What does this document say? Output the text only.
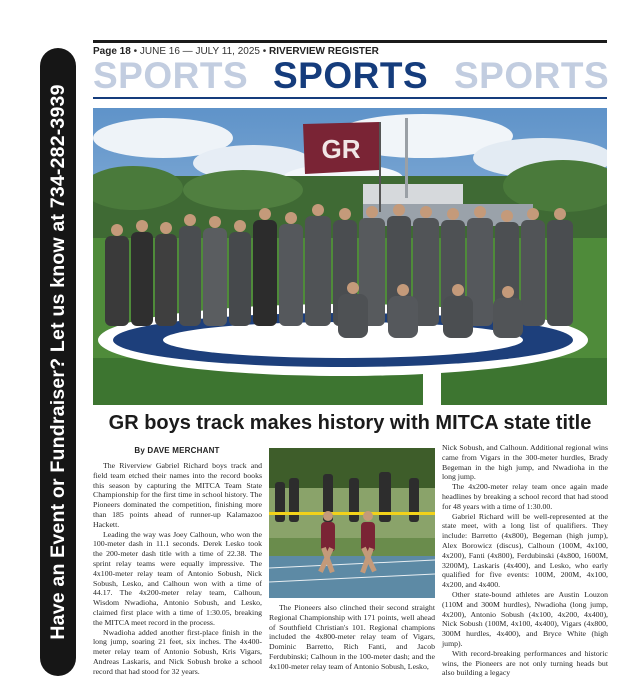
Have an Event or Fundraiser? Let us know at 734-282-3939
Page 18 • JUNE 16 — JULY 11, 2025 • RIVERVIEW REGISTER
SPORTS SPORTS SPORTS
GR
GR boys track makes history with MITCA state title
By DAVE MERCHANT

The Riverview Gabriel Richard boys track and field team etched their names into the record books this season by capturing the MITCA Team State Championship for the first time in school history. The Pioneers dominated the competition, finishing more than 185 points ahead of runner-up Kalamazoo Hackett.

Leading the way was Joey Calhoun, who won the 100-meter dash in 11.1 seconds. Derek Lesko took the 200-meter dash title with a time of 22.38. The sprint relay teams were equally impressive. The 4x100-meter relay team of Antonio Sobush, Nick Sobush, Lesko, and Calhoun won with a time of 44.17. The 4x200-meter relay team, Calhoun, Wisdom Nwadioha, Antonio Sobush, and Lesko, claimed first place with a time of 1:30.05, breaking the MITCA meet record in the process.

Nwadioha added another first-place finish in the long jump, soaring 21 feet, six inches. The 4x400-meter relay team of Antonio Sobush, Kris Vigars, Andreas Laskaris, and Nick Sobush broke a school record that had stood for 32 years.

The Pioneers also clinched their second straight Regional Championship with 171 points, well ahead of Southfield Christian's 101. Regional champions included the 4x800-meter relay team of Vigars, Dominic Barretto, Rich Fanti, and Jacob Ferdubinski; Calhoun in the 100-meter dash; and the 4x100-meter relay team of Antonio Sobush, Lesko,

Nick Sobush, and Calhoun. Additional regional wins came from Vigars in the 300-meter hurdles, Brady Begeman in the high jump, and Nwadioha in the long jump.

The 4x200-meter relay team once again made headlines by breaking a school record that had stood for 48 years with a time of 1:30.00.

Gabriel Richard will be well-represented at the state meet, with a long list of qualifiers. They include: Barretto (4x800), Begeman (high jump), Alex Borowicz (discus), Calhoun (100M, 4x100, 4x200), Fanti (4x800), Ferdubinski (4x800, 1600M, 3200M), Laskaris (4x400), and Lesko, who early qualified for five events: 100M, 200M, 4x100, 4x200, and 4x400.

Other state-bound athletes are Austin Louzon (110M and 300M hurdles), Nwadioha (long jump, 4x200), Antonio Sobush (4x100, 4x200, 4x400), Nick Sobush (100M, 4x100, 4x400), Vigars (4x800, 300M hurdles, 4x400), and Bryce White (high jump).

With record-breaking performances and historic wins, the Pioneers are not only turning heads but also building a legacy
